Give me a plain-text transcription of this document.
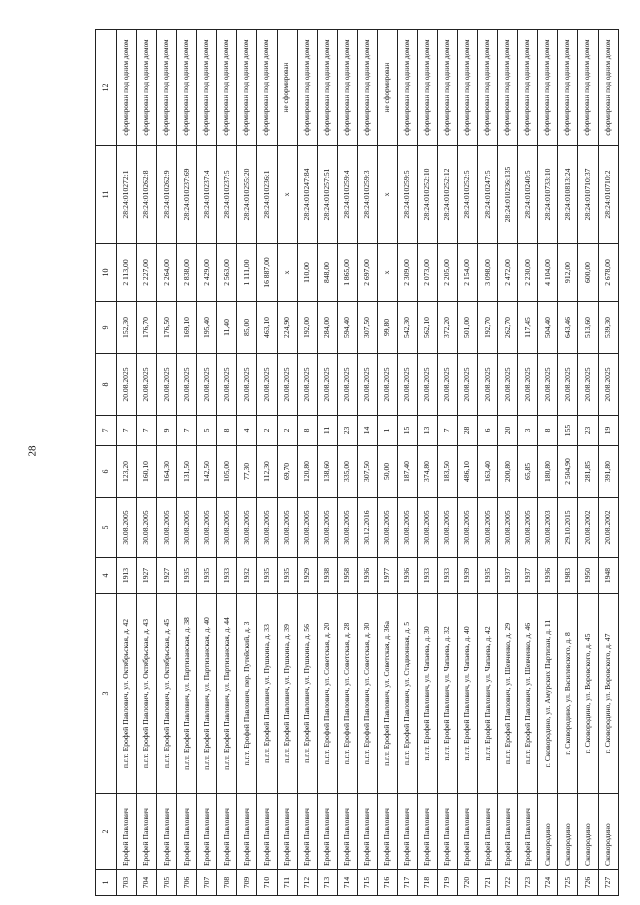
28
1	2	3	4	5	6	7	8	9	10	11	12
703	Ерофей Павлович	п.г.т. Ерофей Павлович, ул. Октябрьская, д. 42	1913	30.08.2005	123,20	7	20.08.2025	152,30	2 113,00	28:24:010272:1	сформирован под одним домом
704	Ерофей Павлович	п.г.т. Ерофей Павлович, ул. Октябрьская, д. 43	1927	30.08.2005	160,10	7	20.08.2025	176,70	2 227,00	28:24:010262:8	сформирован под одним домом
705	Ерофей Павлович	п.г.т. Ерофей Павлович, ул. Октябрьская, д. 45	1927	30.08.2005	164,30	9	20.08.2025	176,50	2 264,00	28:24:010262:9	сформирован под одним домом
706	Ерофей Павлович	п.г.т. Ерофей Павлович, ул. Партизанская, д. 38	1935	30.08.2005	131,50	7	20.08.2025	169,10	2 838,00	28:24:010237:69	сформирован под одним домом
707	Ерофей Павлович	п.г.т. Ерофей Павлович, ул. Партизанская, д. 40	1935	30.08.2005	142,50	5	20.08.2025	195,40	2 429,00	28:24:010237:4	сформирован под одним домом
708	Ерофей Павлович	п.г.т. Ерофей Павлович, ул. Партизанская, д. 44	1933	30.08.2005	105,00	8	20.08.2025	11,40	2 563,00	28:24:010237:5	сформирован под одним домом
709	Ерофей Павлович	п.г.т. Ерофей Павлович, пер. Путейский, д. 3	1932	30.08.2005	77,30	4	20.08.2025	85,00	1 111,00	28:24:010255:20	сформирован под одним домом
710	Ерофей Павлович	п.г.т. Ерофей Павлович, ул. Пушкина, д. 33	1935	30.08.2005	112,30	2	20.08.2025	463,10	16 887,00	28:24:010236:1	сформирован под одним домом
711	Ерофей Павлович	п.г.т. Ерофей Павлович, ул. Пушкина, д. 39	1935	30.08.2005	69,70	2	20.08.2025	224,90	x	x	не сформирован
712	Ерофей Павлович	п.г.т. Ерофей Павлович, ул. Пушкина, д. 56	1929	30.08.2005	120,80	8	20.08.2025	192,00	110,00	28:24:010247:84	сформирован под одним домом
713	Ерофей Павлович	п.г.т. Ерофей Павлович, ул. Советская, д. 20	1938	30.08.2005	138,60	11	20.08.2025	284,00	848,00	28:24:010257:51	сформирован под одним домом
714	Ерофей Павлович	п.г.т. Ерофей Павлович, ул. Советская, д. 28	1958	30.08.2005	335,00	23	20.08.2025	594,40	1 865,00	28:24:010259:4	сформирован под одним домом
715	Ерофей Павлович	п.г.т. Ерофей Павлович, ул. Советская, д. 30	1936	30.12.2016	307,50	14	20.08.2025	307,50	2 697,00	28:24:010259:3	сформирован под одним домом
716	Ерофей Павлович	п.г.т. Ерофей Павлович, ул. Советская, д. 36а	1977	30.08.2005	50,00	1	20.08.2025	99,80	x	x	не сформирован
717	Ерофей Павлович	п.г.т. Ерофей Павлович, ул. Стадионная, д. 5	1936	30.08.2005	187,40	15	20.08.2025	542,30	2 309,00	28:24:010259:5	сформирован под одним домом
718	Ерофей Павлович	п.г.т. Ерофей Павлович, ул. Чапаева, д. 30	1933	30.08.2005	374,80	13	20.08.2025	562,10	2 073,00	28:24:010252:10	сформирован под одним домом
719	Ерофей Павлович	п.г.т. Ерофей Павлович, ул. Чапаева, д. 32	1933	30.08.2005	183,50	7	20.08.2025	372,20	2 205,00	28:24:010252:12	сформирован под одним домом
720	Ерофей Павлович	п.г.т. Ерофей Павлович, ул. Чапаева, д. 40	1939	30.08.2005	486,10	28	20.08.2025	501,00	2 154,00	28:24:010252:5	сформирован под одним домом
721	Ерофей Павлович	п.г.т. Ерофей Павлович, ул. Чапаева, д. 42	1935	30.08.2005	163,40	6	20.08.2025	192,70	3 098,00	28:24:010247:5	сформирован под одним домом
722	Ерофей Павлович	п.г.т. Ерофей Павлович, ул. Шевченко, д. 29	1937	30.08.2005	200,80	20	20.08.2025	262,70	2 472,00	28:24:010236:135	сформирован под одним домом
723	Ерофей Павлович	п.г.т. Ерофей Павлович, ул. Шевченко, д. 46	1937	30.08.2005	65,85	3	20.08.2025	117,45	2 230,00	28:24:010240:5	сформирован под одним домом
724	Сковородино	г. Сковородино, ул. Амурских Партизан, д. 11	1936	30.08.2003	180,80	8	20.08.2025	504,40	4 104,00	28:24:010733:10	сформирован под одним домом
725	Сковородино	г. Сковородино, ул. Василевского, д. 8	1983	29.10.2015	2 504,90	155	20.08.2025	643,46	912,00	28:24:010813:24	сформирован под одним домом
726	Сковородино	г. Сковородино, ул. Воровского, д. 45	1950	20.08.2002	281,85	23	20.08.2025	513,60	600,00	28:24:010710:37	сформирован под одним домом
727	Сковородино	г. Сковородино, ул. Воровского, д. 47	1948	20.08.2002	391,80	19	20.08.2025	539,30	2 678,00	28:24:010710:2	сформирован под одним домом
